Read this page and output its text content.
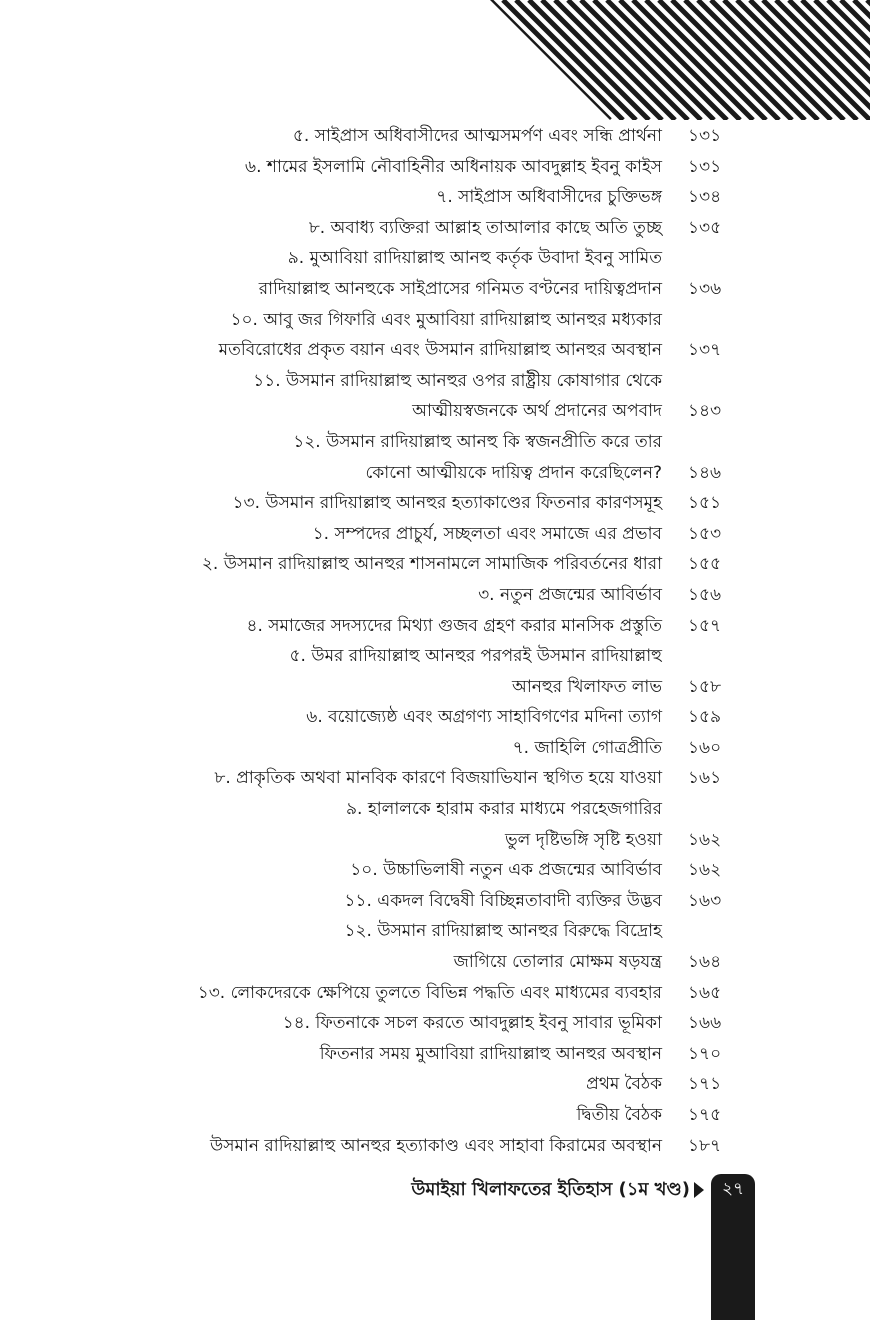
৫. সাইপ্রাস অধিবাসীদের আত্মসমর্পণ এবং সন্ধি প্রার্থনা ১৩১
৬. শামের ইসলামি নৌবাহিনীর অধিনায়ক আবদুল্লাহ ইবনু কাইস ১৩১
৭. সাইপ্রাস অধিবাসীদের চুক্তিভঙ্গ ১৩৪
৮. অবাধ্য ব্যক্তিরা আল্লাহ তাআলার কাছে অতি তুচ্ছ ১৩৫
৯. মুআবিয়া রাদিয়াল্লাহু আনহু কর্তৃক উবাদা ইবনু সামিত
রাদিয়াল্লাহু আনহুকে সাইপ্রাসের গনিমত বণ্টনের দায়িত্বপ্রদান ১৩৬
১০. আবু জর গিফারি এবং মুআবিয়া রাদিয়াল্লাহু আনহুর মধ্যকার
মতবিরোধের প্রকৃত বয়ান এবং উসমান রাদিয়াল্লাহু আনহুর অবস্থান ১৩৭
১১. উসমান রাদিয়াল্লাহু আনহুর ওপর রাষ্ট্রীয় কোষাগার থেকে
আত্মীয়স্বজনকে অর্থ প্রদানের অপবাদ ১৪৩
১২. উসমান রাদিয়াল্লাহু আনহু কি স্বজনপ্রীতি করে তার
কোনো আত্মীয়কে দায়িত্ব প্রদান করেছিলেন? ১৪৬
১৩. উসমান রাদিয়াল্লাহু আনহুর হত্যাকাণ্ডের ফিতনার কারণসমূহ ১৫১
১. সম্পদের প্রাচুর্য, সচ্ছলতা এবং সমাজে এর প্রভাব ১৫৩
২. উসমান রাদিয়াল্লাহু আনহুর শাসনামলে সামাজিক পরিবর্তনের ধারা ১৫৫
৩. নতুন প্রজন্মের আবির্ভাব ১৫৬
৪. সমাজের সদস্যদের মিথ্যা গুজব গ্রহণ করার মানসিক প্রস্তুতি ১৫৭
৫. উমর রাদিয়াল্লাহু আনহুর পরপরই উসমান রাদিয়াল্লাহু
আনহুর খিলাফত লাভ ১৫৮
৬. বয়োজ্যেষ্ঠ এবং অগ্রগণ্য সাহাবিগণের মদিনা ত্যাগ ১৫৯
৭. জাহিলি গোত্রপ্রীতি ১৬০
৮. প্রাকৃতিক অথবা মানবিক কারণে বিজয়াভিযান স্থগিত হয়ে যাওয়া ১৬১
৯. হালালকে হারাম করার মাধ্যমে পরহেজগারির
ভুল দৃষ্টিভঙ্গি সৃষ্টি হওয়া ১৬২
১০. উচ্চাভিলাষী নতুন এক প্রজন্মের আবির্ভাব ১৬২
১১. একদল বিদ্বেষী বিচ্ছিন্নতাবাদী ব্যক্তির উদ্ভব ১৬৩
১২. উসমান রাদিয়াল্লাহু আনহুর বিরুদ্ধে বিদ্রোহ
জাগিয়ে তোলার মোক্ষম ষড়যন্ত্র ১৬৪
১৩. লোকদেরকে ক্ষেপিয়ে তুলতে বিভিন্ন পদ্ধতি এবং মাধ্যমের ব্যবহার ১৬৫
১৪. ফিতনাকে সচল করতে আবদুল্লাহ ইবনু সাবার ভূমিকা ১৬৬
ফিতনার সময় মুআবিয়া রাদিয়াল্লাহু আনহুর অবস্থান ১৭০
প্রথম বৈঠক ১৭১
দ্বিতীয় বৈঠক ১৭৫
উসমান রাদিয়াল্লাহু আনহুর হত্যাকাণ্ড এবং সাহাবা কিরামের অবস্থান ১৮৭
উমাইয়া খিলাফতের ইতিহাস (১ম খণ্ড)	২৭
